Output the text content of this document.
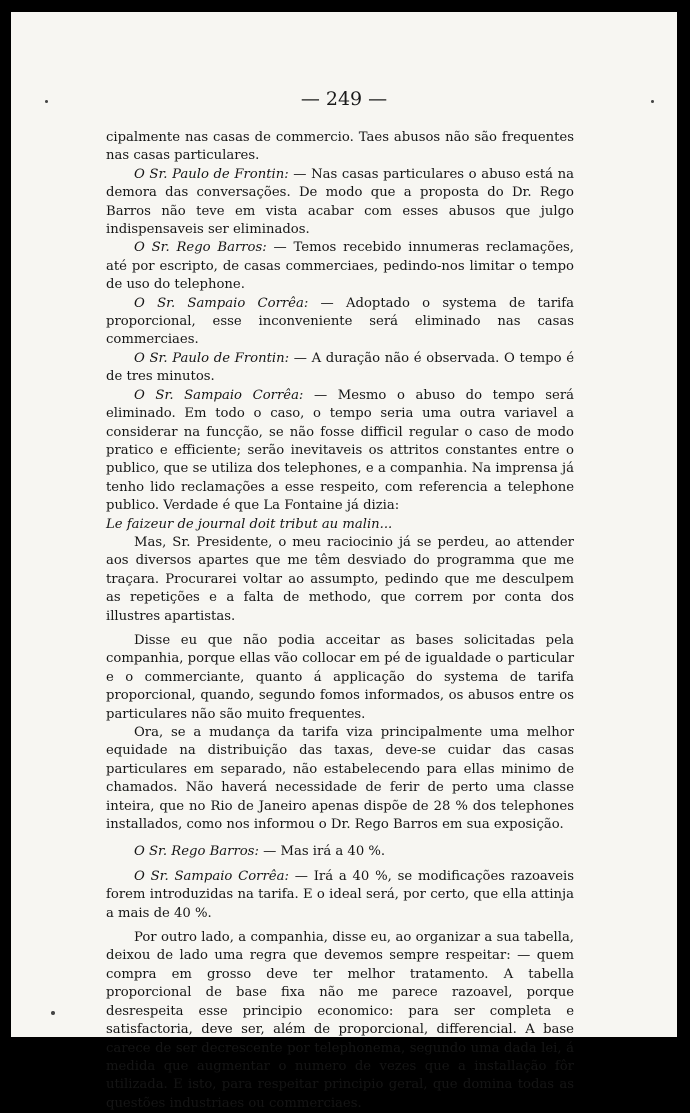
— 249 —

cipalmente nas casas de commercio. Taes abusos não são frequentes nas casas particulares.

O Sr. Paulo de Frontin: — Nas casas particulares o abuso está na demora das conversações. De modo que a proposta do Dr. Rego Barros não teve em vista acabar com esses abusos que julgo indispensaveis ser eliminados.

O Sr. Rego Barros: — Temos recebido innumeras reclamações, até por escripto, de casas commerciaes, pedindo-nos limitar o tempo de uso do telephone.

O Sr. Sampaio Corrêa: — Adoptado o systema de tarifa proporcional, esse inconveniente será eliminado nas casas commerciaes.

O Sr. Paulo de Frontin: — A duração não é observada. O tempo é de tres minutos.

O Sr. Sampaio Corrêa: — Mesmo o abuso do tempo será eliminado. Em todo o caso, o tempo seria uma outra variavel a considerar na funcção, se não fosse difficil regular o caso de modo pratico e efficiente; serão inevitaveis os attritos constantes entre o publico, que se utiliza dos telephones, e a companhia. Na imprensa já tenho lido reclamações a esse respeito, com referencia a telephone publico. Verdade é que La Fontaine já dizia:
Le faizeur de journal doit tribut au malin...

Mas, Sr. Presidente, o meu raciocinio já se perdeu, ao attender aos diversos apartes que me têm desviado do programma que me traçara. Procurarei voltar ao assumpto, pedindo que me desculpem as repetições e a falta de methodo, que correm por conta dos illustres apartistas.

Disse eu que não podia acceitar as bases solicitadas pela companhia, porque ellas vão collocar em pé de igualdade o particular e o commerciante, quanto á applicação do systema de tarifa proporcional, quando, segundo fomos informados, os abusos entre os particulares não são muito frequentes.

Ora, se a mudança da tarifa viza principalmente uma melhor equidade na distribuição das taxas, deve-se cuidar das casas particulares em separado, não estabelecendo para ellas minimo de chamados. Não haverá necessidade de ferir de perto uma classe inteira, que no Rio de Janeiro apenas dispõe de 28 % dos telephones installados, como nos informou o Dr. Rego Barros em sua exposição.

O Sr. Rego Barros: — Mas irá a 40 %.

O Sr. Sampaio Corrêa: — Irá a 40 %, se modificações razoaveis forem introduzidas na tarifa. E o ideal será, por certo, que ella attinja a mais de 40 %.

Por outro lado, a companhia, disse eu, ao organizar a sua tabella, deixou de lado uma regra que devemos sempre respeitar: — quem compra em grosso deve ter melhor tratamento. A tabella proporcional de base fixa não me parece razoavel, porque desrespeita esse principio economico: para ser completa e satisfactoria, deve ser, além de proporcional, differencial. A base carece de ser decrescente por telephonema, segundo uma dada lei, á medida que augmentar o numero de vezes que a installação fôr utilizada. E isto, para respeitar principio geral, que domina todas as questões industriaes ou commerciaes.
